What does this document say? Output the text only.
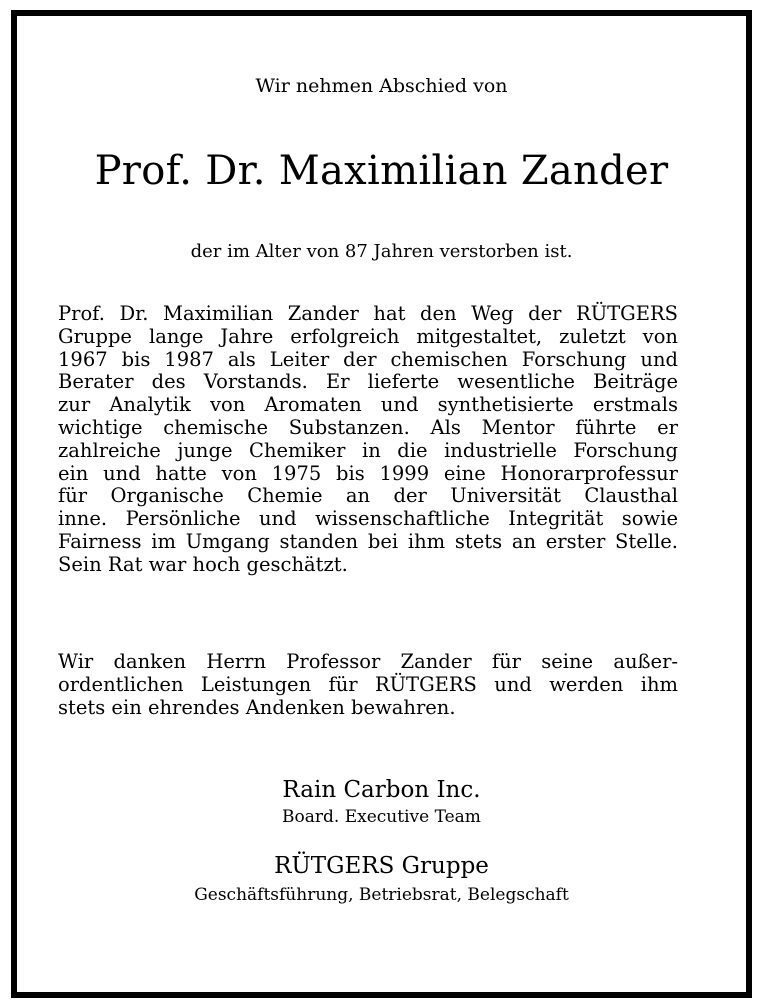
Wir nehmen Abschied von
Prof. Dr. Maximilian Zander
der im Alter von 87 Jahren verstorben ist.
Prof. Dr. Maximilian Zander hat den Weg der RÜTGERS
Gruppe lange Jahre erfolgreich mitgestaltet, zuletzt von
1967 bis 1987 als Leiter der chemischen Forschung und
Berater des Vorstands. Er lieferte wesentliche Beiträge
zur Analytik von Aromaten und synthetisierte erstmals
wichtige chemische Substanzen. Als Mentor führte er
zahlreiche junge Chemiker in die industrielle Forschung
ein und hatte von 1975 bis 1999 eine Honorarprofessur
für Organische Chemie an der Universität Clausthal
inne. Persönliche und wissenschaftliche Integrität sowie
Fairness im Umgang standen bei ihm stets an erster Stelle.
Sein Rat war hoch geschätzt.
Wir danken Herrn Professor Zander für seine außer-
ordentlichen Leistungen für RÜTGERS und werden ihm
stets ein ehrendes Andenken bewahren.
Rain Carbon Inc.
Board. Executive Team
RÜTGERS Gruppe
Geschäftsführung, Betriebsrat, Belegschaft
